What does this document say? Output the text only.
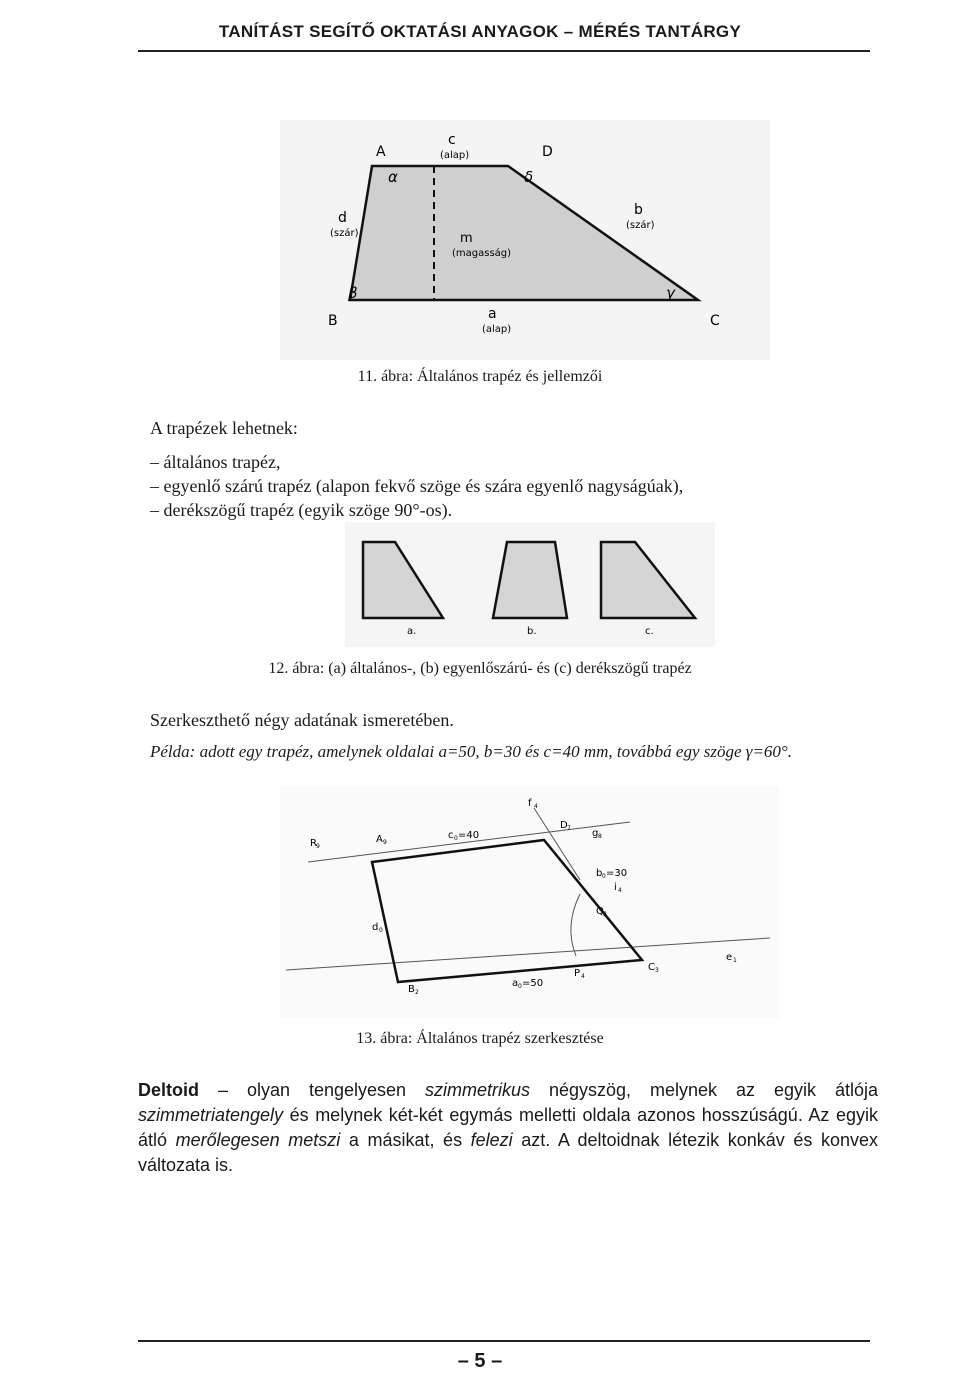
TANÍTÁST SEGÍTŐ OKTATÁSI ANYAGOK – MÉRÉS TANTÁRGY
A	D
B	C
c
(alap)
a
(alap)
d
(szár)
b
(szár)
m
(magasság)
α	δ
β	γ
11. ábra: Általános trapéz és jellemzői
A trapézek lehetnek:
– általános trapéz,
– egyenlő szárú trapéz (alapon fekvő szöge és szára egyenlő nagyságúak),
– derékszögű trapéz (egyik szöge 90°-os).
a.	b.	c.
12. ábra: (a) általános-, (b) egyenlőszárú- és (c) derékszögű trapéz
Szerkeszthető négy adatának ismeretében.
Példa: adott egy trapéz, amelynek oldalai a=50, b=30 és c=40 mm, továbbá egy szöge γ=60°.
f 4
D 7 g 8
R 9
A 9
c 0 =40
b 0 =30
i 4
Q 3
d 0
P 4
C 3
e 1
B 2
a 0 =50
13. ábra: Általános trapéz szerkesztése
Deltoid – olyan tengelyesen szimmetrikus négyszög, melynek az egyik átlója szimmetriatengely és melynek két-két egymás melletti oldala azonos hosszúságú. Az egyik átló merőlegesen metszi a másikat, és felezi azt. A deltoidnak létezik konkáv és konvex változata is.
– 5 –
